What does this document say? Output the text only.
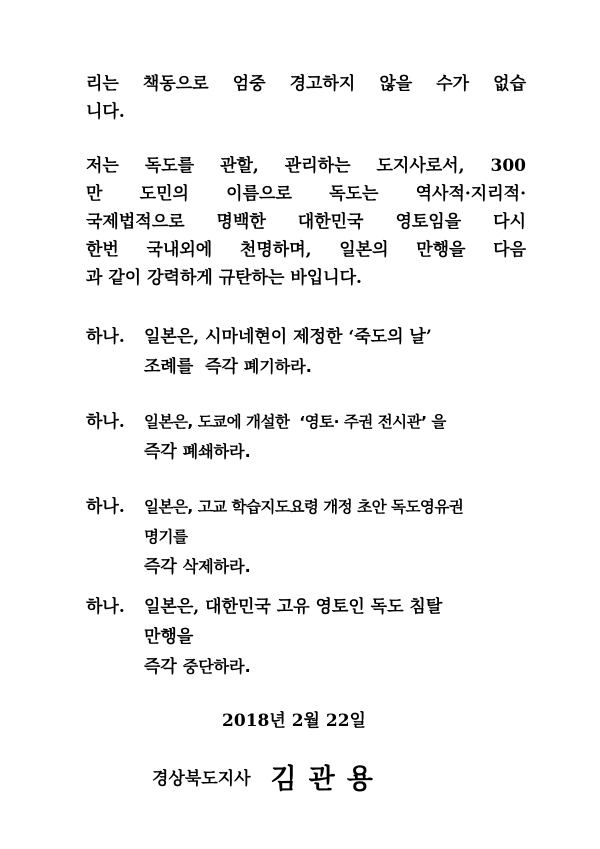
리는 책동으로 엄중 경고하지 않을 수가 없습
니다.
저는 독도를 관할, 관리하는 도지사로서, 300
만 도민의 이름으로 독도는 역사적·지리적·
국제법적으로 명백한 대한민국 영토임을 다시
한번 국내외에 천명하며, 일본의 만행을 다음
과 같이 강력하게 규탄하는 바입니다.
하나. 일본은, 시마네현이 제정한 ‘죽도의 날’
조례를  즉각 폐기하라.
하나. 일본은, 도쿄에 개설한  ‘영토· 주권 전시관’ 을
즉각 폐쇄하라.
하나. 일본은, 고교 학습지도요령 개정 초안 독도영유권
명기를
즉각 삭제하라.
하나. 일본은, 대한민국 고유 영토인 독도 침탈
만행을
즉각 중단하라.
2018년 2월 22일
경상북도지사 김관용
